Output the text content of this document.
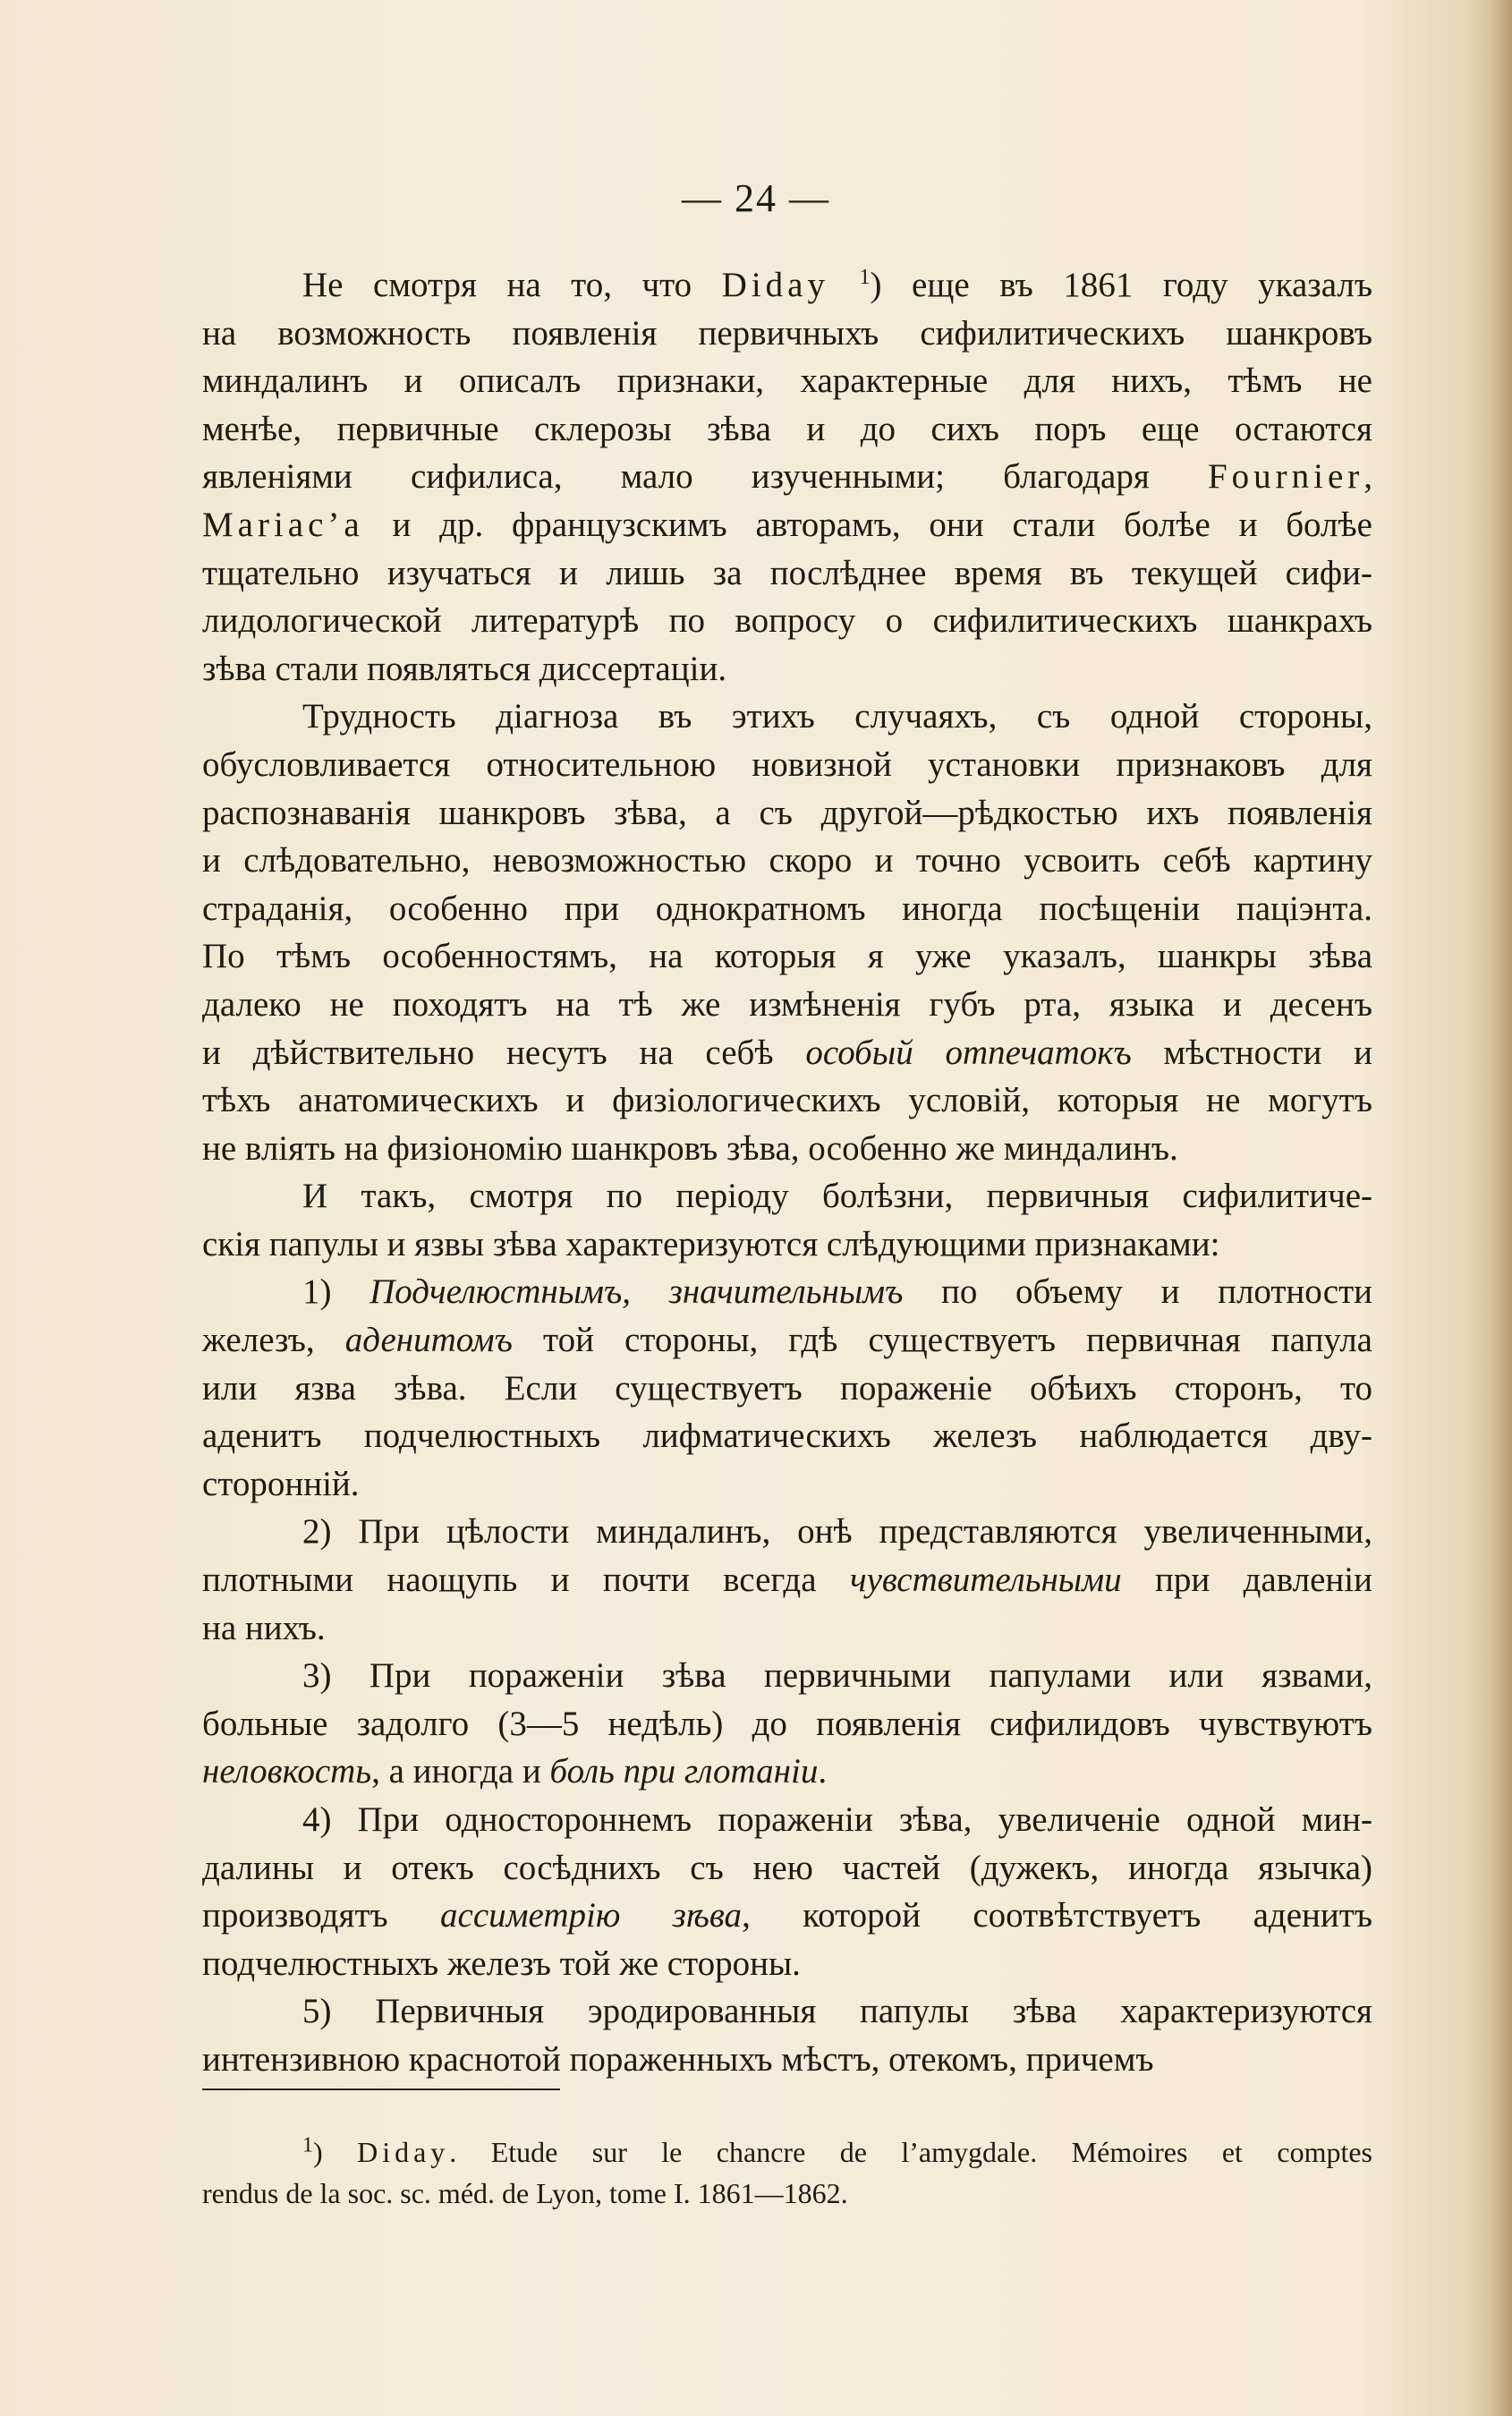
— 24 —

Не смотря на то, что Diday $^1$) еще въ 1861 году указалъ

на возможность появленія первичныхъ сифилитическихъ шанкровъ

миндалинъ и описалъ признаки, характерные для нихъ, тѣмъ не

менѣе, первичные склерозы зѣва и до сихъ поръ еще остаются

явленіями сифилиса, мало изученными; благодаря Fournier,

Marіас’а и др. французскимъ авторамъ, они стали болѣе и болѣе

тщательно изучаться и лишь за послѣднее время въ текущей сифи-

лидологической литературѣ по вопросу о сифилитическихъ шанкрахъ

зѣва стали появляться диссертаціи.

Трудность діагноза въ этихъ случаяхъ, съ одной стороны,

обусловливается относительною новизной установки признаковъ для

распознаванія шанкровъ зѣва, а съ другой—рѣдкостью ихъ появленія

и слѣдовательно, невозможностью скоро и точно усвоить себѣ картину

страданія, особенно при однократномъ иногда посѣщеніи паціэнта.

По тѣмъ особенностямъ, на которыя я уже указалъ, шанкры зѣва

далеко не походятъ на тѣ же измѣненія губъ рта, языка и десенъ

и дѣйствительно несутъ на себѣ особый отпечатокъ мѣстности и

тѣхъ анатомическихъ и физіологическихъ условій, которыя не могутъ

не вліять на физіономію шанкровъ зѣва, особенно же миндалинъ.

И такъ, смотря по періоду болѣзни, первичныя сифилитиче-

скія папулы и язвы зѣва характеризуются слѣдующими признаками:

1) Подчелюстнымъ, значительнымъ по объему и плотности

железъ, аденитомъ той стороны, гдѣ существуетъ первичная папула

или язва зѣва. Если существуетъ пораженіе обѣихъ сторонъ, то

аденитъ подчелюстныхъ лифматическихъ железъ наблюдается дву-

сторонній.

2) При цѣлости миндалинъ, онѣ представляются увеличенными,

плотными наощупь и почти всегда чувствительными при давленіи

на нихъ.

3) При пораженіи зѣва первичными папулами или язвами,

больные задолго (3—5 недѣль) до появленія сифилидовъ чувствуютъ

неловкость, а иногда и боль при глотаніи.

4) При одностороннемъ пораженіи зѣва, увеличеніе одной мин-

далины и отекъ сосѣднихъ съ нею частей (дужекъ, иногда язычка)

производятъ ассиметрію зѣва, которой соотвѣтствуетъ аденитъ

подчелюстныхъ железъ той же стороны.

5) Первичныя эродированныя папулы зѣва характеризуются

интензивною краснотой пораженныхъ мѣстъ, отекомъ, причемъ

$^1$) Diday. Etude sur le chancre de l’amygdale. Mémoires et comptes

rendus de la soc. sc. méd. de Lyon, tome I. 1861—1862.
